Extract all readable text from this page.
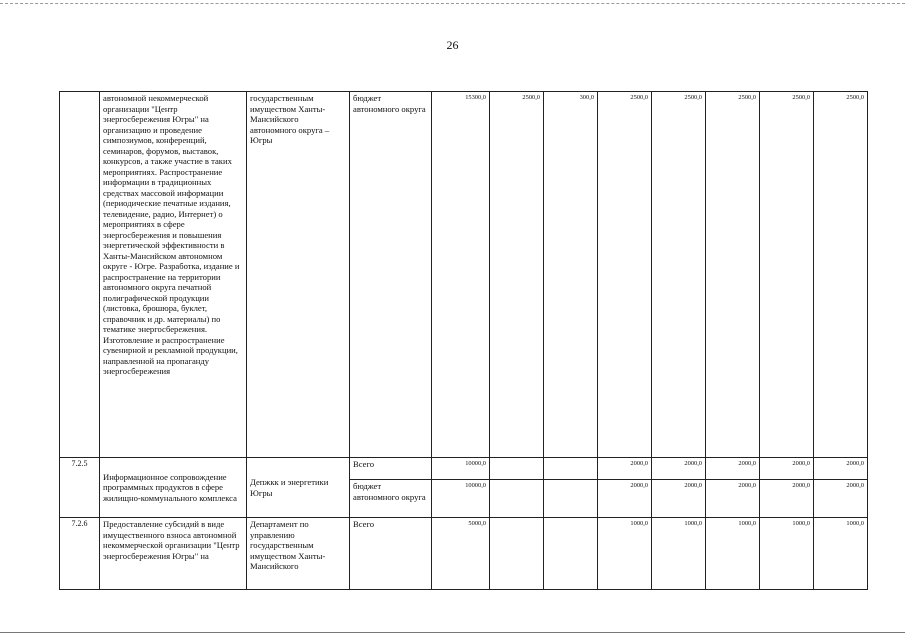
26
	автономной некоммерческой организации "Центр энергосбережения Югры" на организацию и проведение симпозиумов, конференций, семинаров, форумов, выставок, конкурсов, а также участие в таких мероприятиях. Распространение информации в традиционных средствах массовой информации (периодические печатные издания, телевидение, радио, Интернет) о мероприятиях в сфере энергосбережения и повышения энергетической эффективности в Ханты-Мансийском автономном округе - Югре. Разработка, издание и распространение на территории автономного округа печатной полиграфической продукции (листовка, брошюра, буклет, справочник и др. материалы) по тематике энергосбережения. Изготовление и распространение сувенирной и рекламной продукции, направленной на пропаганду энергосбережения	государственным имуществом Ханты-Мансийского автономного округа – Югры	бюджет автономного округа	15300,0	2500,0	300,0	2500,0	2500,0	2500,0	2500,0	2500,0
7.2.5	Информационное сопровождение программных продуктов в сфере жилищно-коммунального комплекса	Депжкк и энергетики Югры	Всего	10000,0			2000,0	2000,0	2000,0	2000,0	2000,0
			бюджет автономного округа	10000,0			2000,0	2000,0	2000,0	2000,0	2000,0
7.2.6	Предоставление субсидий в виде имущественного взноса автономной некоммерческой организации "Центр энергосбережения Югры" на	Департамент по управлению государственным имуществом Ханты-Мансийского	Всего	5000,0			1000,0	1000,0	1000,0	1000,0	1000,0
